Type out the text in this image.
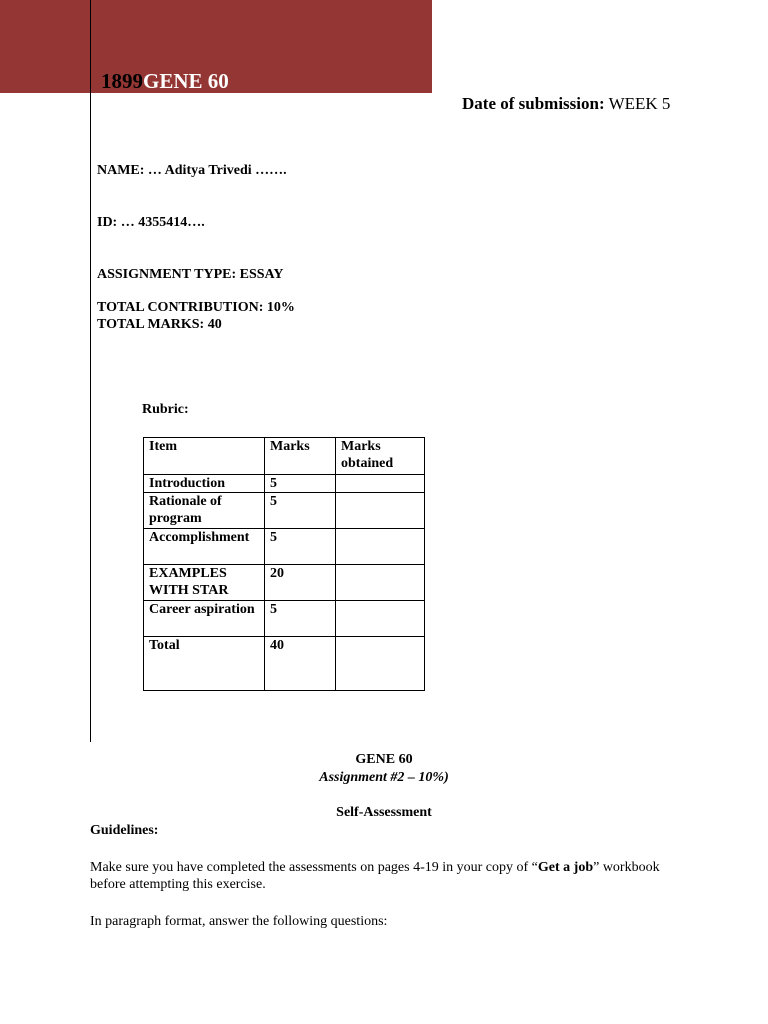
1899GENE 60
Date of submission: WEEK 5
NAME: … Aditya Trivedi …….
ID: … 4355414….
ASSIGNMENT TYPE: ESSAY
TOTAL CONTRIBUTION: 10%
TOTAL MARKS: 40
Rubric:
Item	Marks	Marks obtained
Introduction	5	
Rationale of program	5	
Accomplishment	5	
EXAMPLES WITH STAR	20	
Career aspiration	5	
Total	40	
GENE 60
Assignment #2 – 10%)
Self-Assessment
Guidelines:
Make sure you have completed the assessments on pages 4-19 in your copy of “Get a job” workbook before attempting this exercise.
In paragraph format, answer the following questions:
